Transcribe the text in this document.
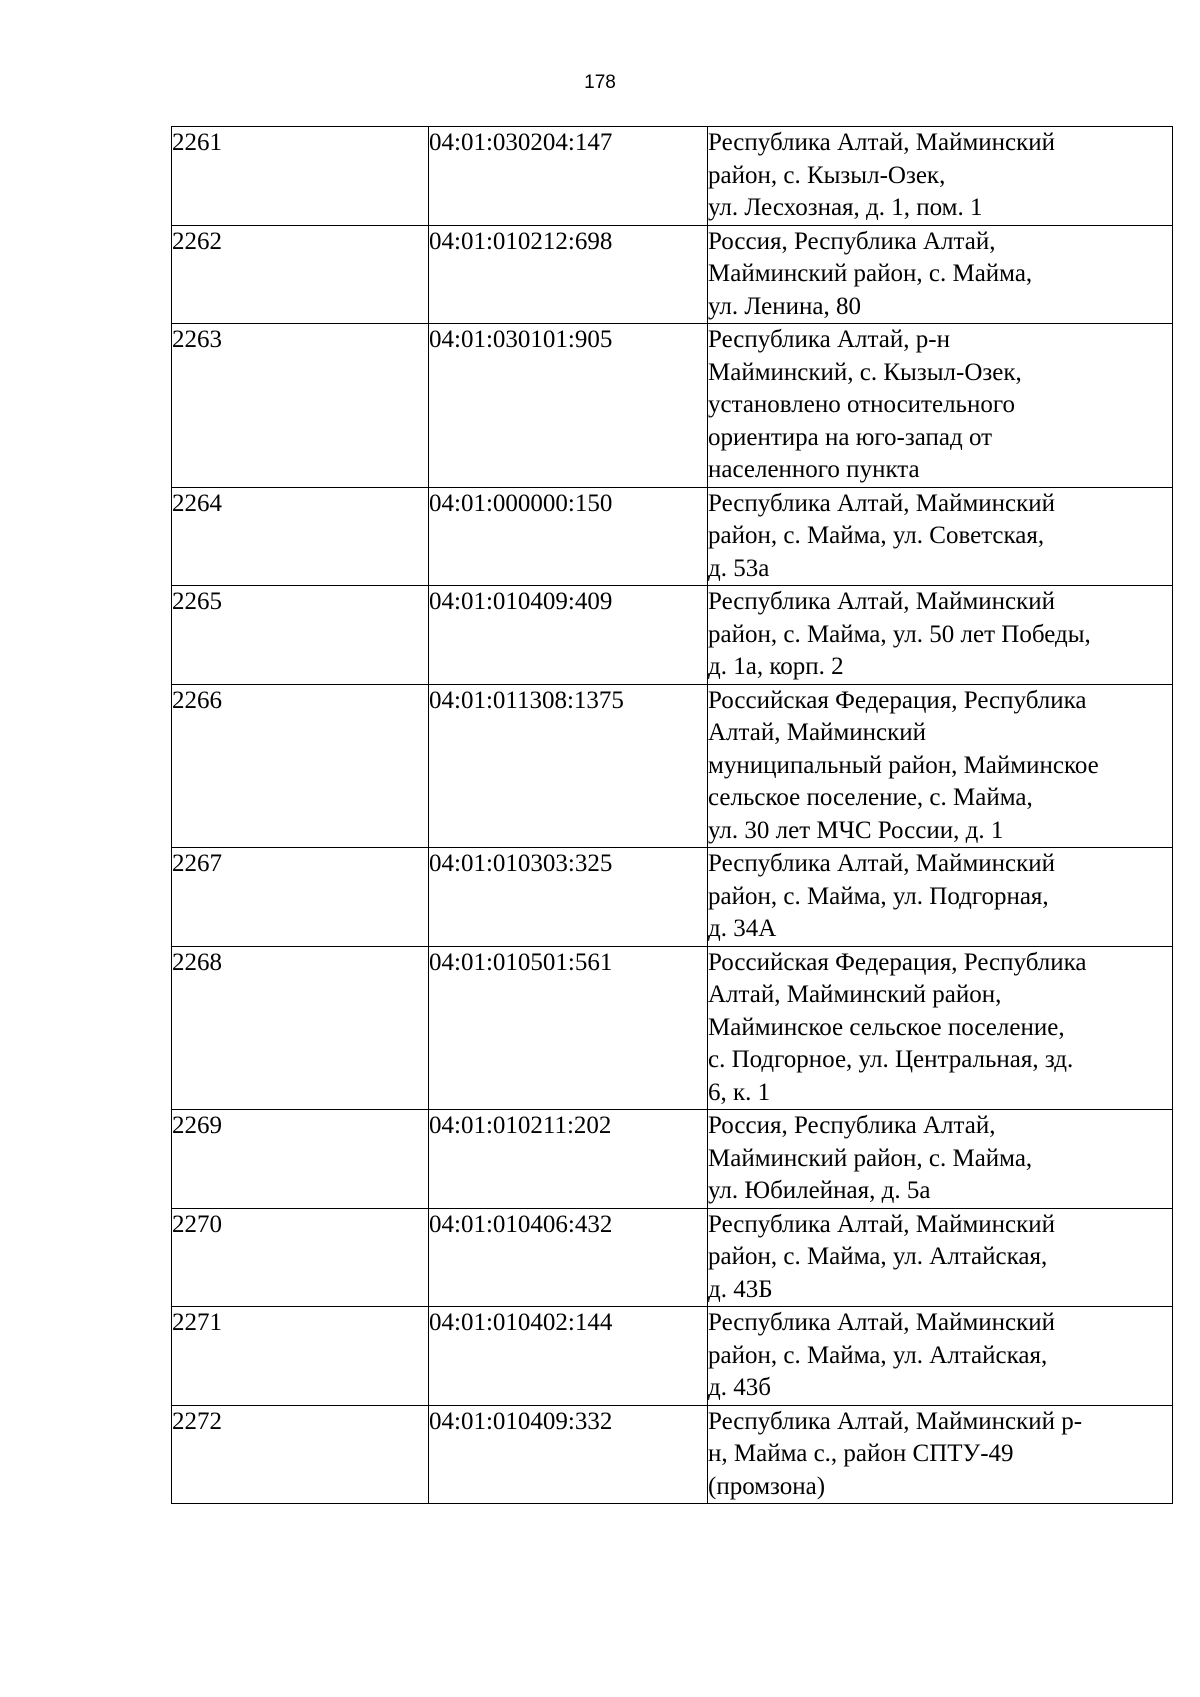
178
2261	04:01:030204:147	Республика Алтай, Майминский
район, с. Кызыл-Озек,
ул. Лесхозная, д. 1, пом. 1

2262	04:01:010212:698	Россия, Республика Алтай,
Майминский район, с. Майма,
ул. Ленина, 80

2263	04:01:030101:905	Республика Алтай, р-н
Майминский, с. Кызыл-Озек,
установлено относительного
ориентира на юго-запад от
населенного пункта

2264	04:01:000000:150	Республика Алтай, Майминский
район, с. Майма, ул. Советская,
д. 53а

2265	04:01:010409:409	Республика Алтай, Майминский
район, с. Майма, ул. 50 лет Победы,
д. 1а, корп. 2

2266	04:01:011308:1375	Российская Федерация, Республика
Алтай, Майминский
муниципальный район, Майминское
сельское поселение, с. Майма,
ул. 30 лет МЧС России, д. 1

2267	04:01:010303:325	Республика Алтай, Майминский
район, с. Майма, ул. Подгорная,
д. 34А

2268	04:01:010501:561	Российская Федерация, Республика
Алтай, Майминский район,
Майминское сельское поселение,
с. Подгорное, ул. Центральная, зд.
6, к. 1

2269	04:01:010211:202	Россия, Республика Алтай,
Майминский район, с. Майма,
ул. Юбилейная, д. 5а

2270	04:01:010406:432	Республика Алтай, Майминский
район, с. Майма, ул. Алтайская,
д. 43Б

2271	04:01:010402:144	Республика Алтай, Майминский
район, с. Майма, ул. Алтайская,
д. 43б

2272	04:01:010409:332	Республика Алтай, Майминский р-
н, Майма с., район СПТУ-49
(промзона)
